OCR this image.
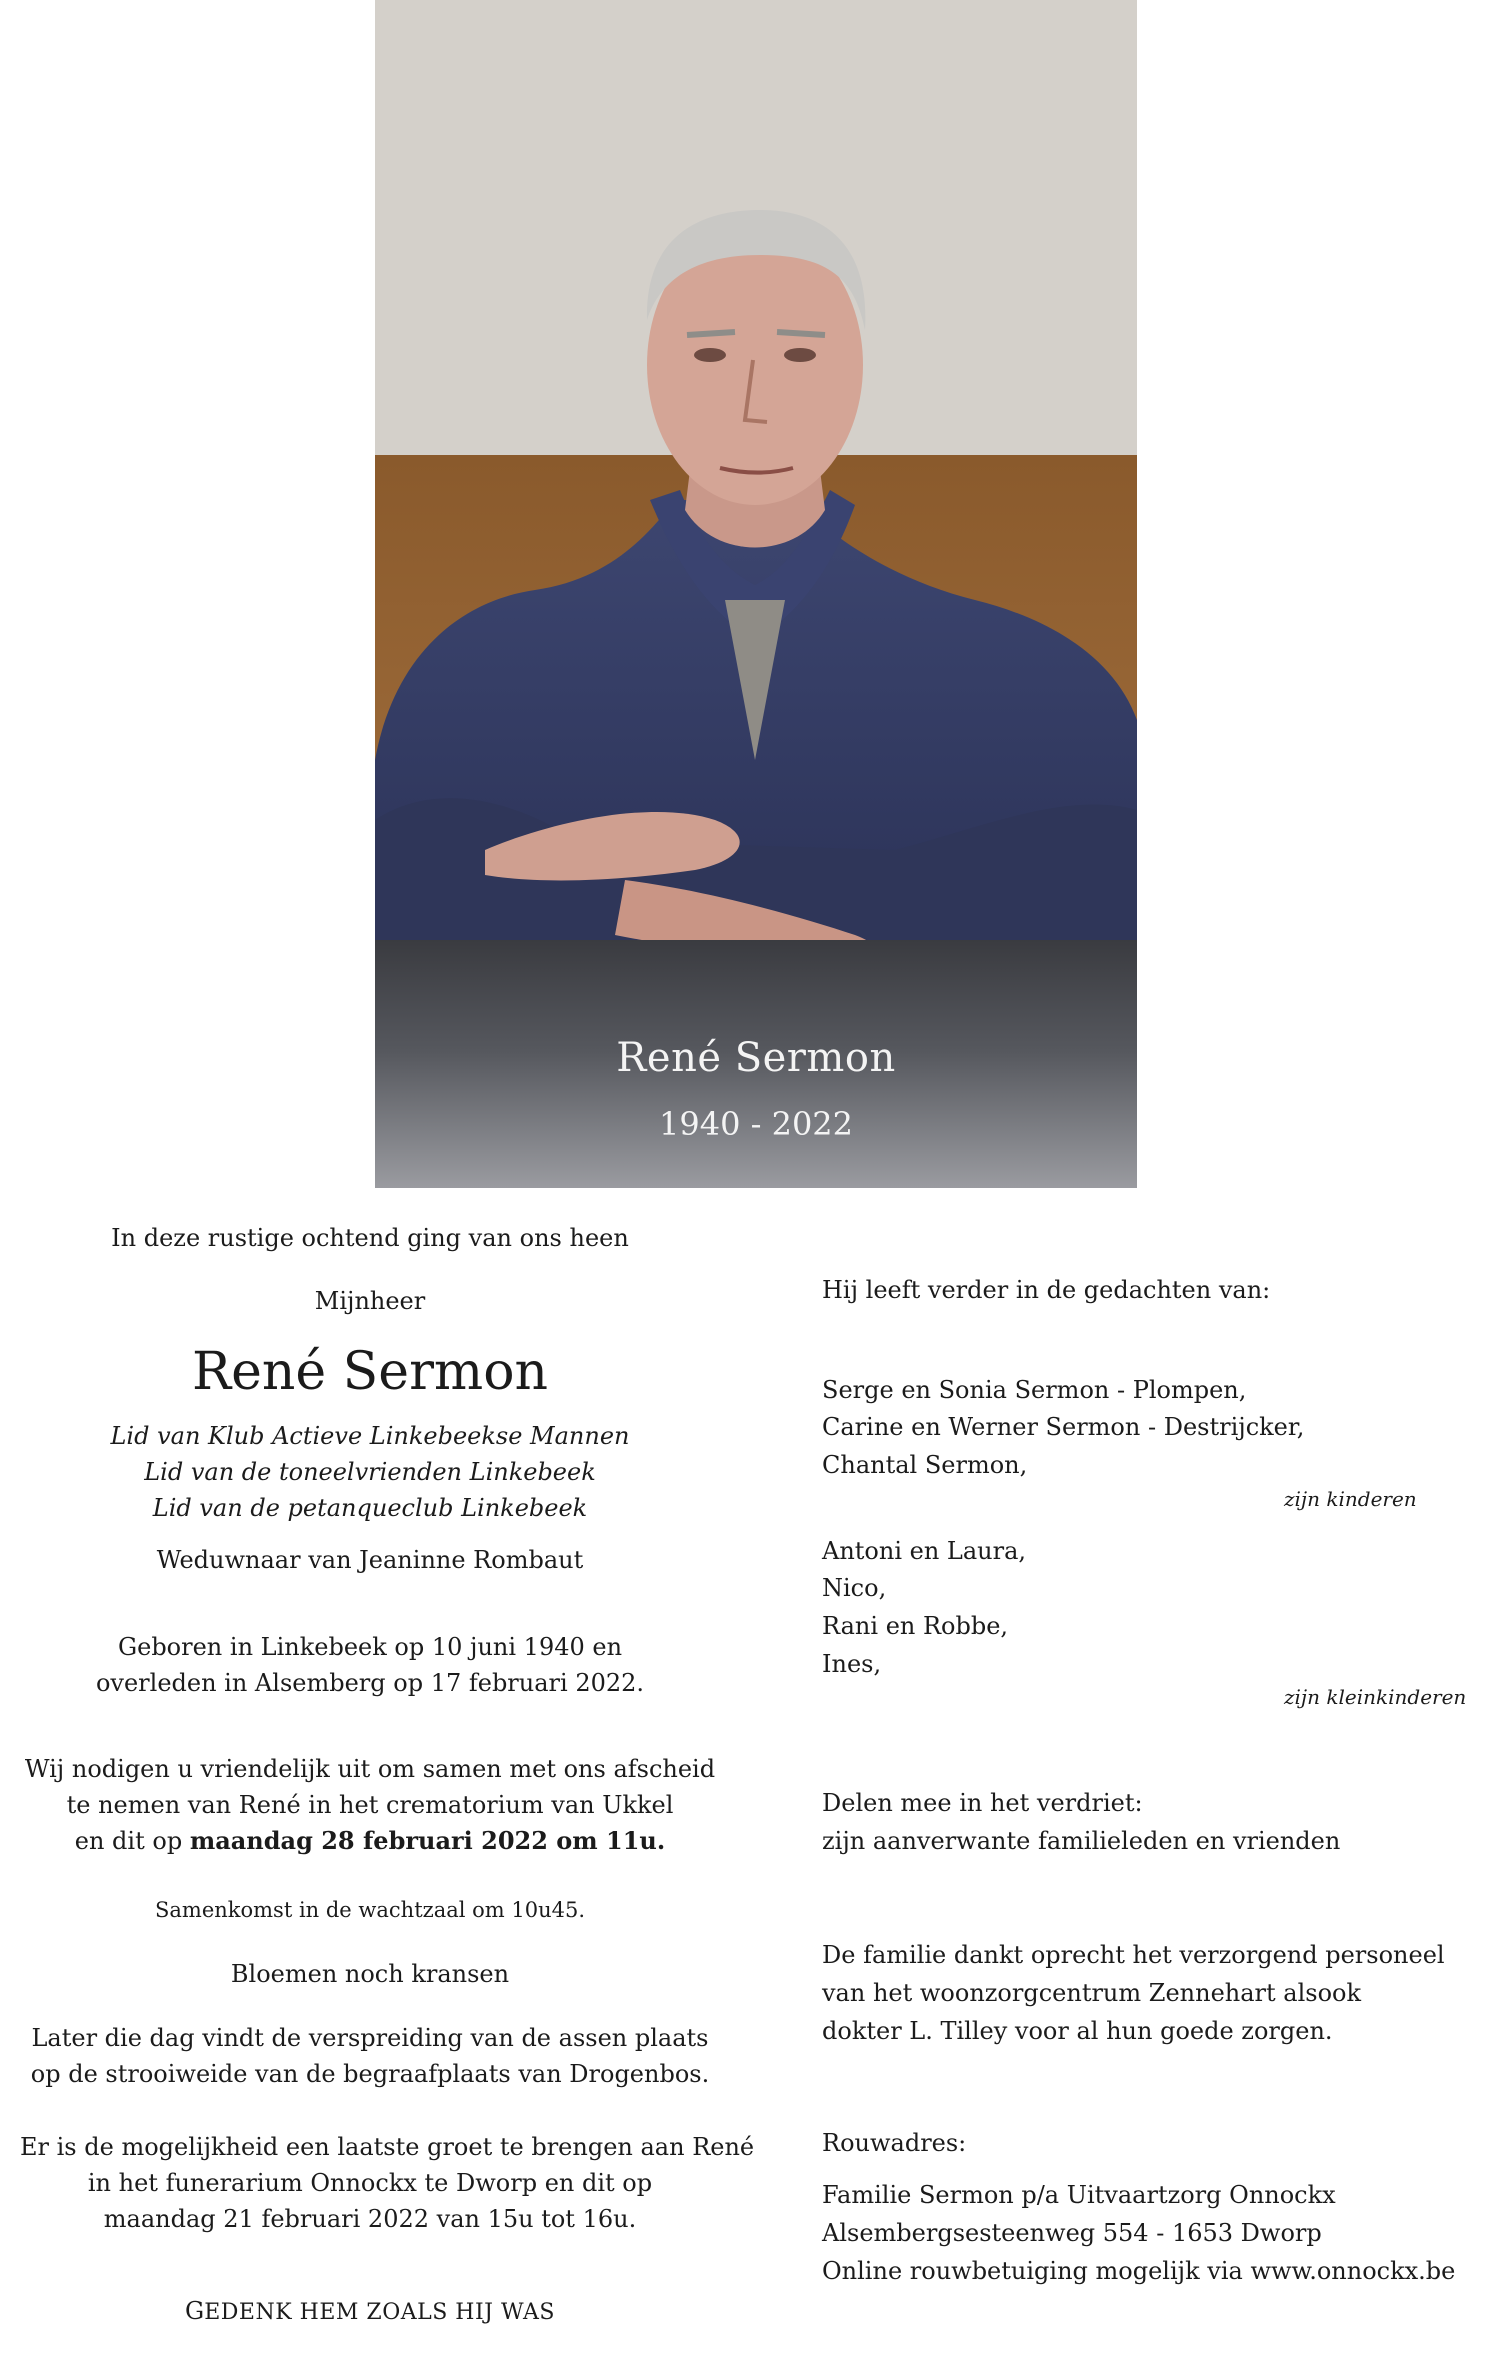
René Sermon
1940 - 2022
In deze rustige ochtend ging van ons heen
Mijnheer
René Sermon
Lid van Klub Actieve Linkebeekse Mannen
Lid van de toneelvrienden Linkebeek
Lid van de petanqueclub Linkebeek
Weduwnaar van Jeaninne Rombaut
Geboren in Linkebeek op 10 juni 1940 en
overleden in Alsemberg op 17 februari 2022.
Wij nodigen u vriendelijk uit om samen met ons afscheid
te nemen van René in het crematorium van Ukkel
en dit op maandag 28 februari 2022 om 11u.
Samenkomst in de wachtzaal om 10u45.
Bloemen noch kransen
Later die dag vindt de verspreiding van de assen plaats
op de strooiweide van de begraafplaats van Drogenbos.
Er is de mogelijkheid een laatste groet te brengen aan René
in het funerarium Onnockx te Dworp en dit op
maandag 21 februari 2022 van 15u tot 16u.
GEDENK HEM ZOALS HIJ WAS
Hij leeft verder in de gedachten van:
Serge en Sonia Sermon - Plompen,
Carine en Werner Sermon - Destrijcker,
Chantal Sermon,
zijn kinderen
Antoni en Laura,
Nico,
Rani en Robbe,
Ines,
zijn kleinkinderen
Delen mee in het verdriet:
zijn aanverwante familieleden en vrienden
De familie dankt oprecht het verzorgend personeel
van het woonzorgcentrum Zennehart alsook
dokter L. Tilley voor al hun goede zorgen.
Rouwadres:
Familie Sermon p/a Uitvaartzorg Onnockx
Alsembergsesteenweg 554 - 1653 Dworp
Online rouwbetuiging mogelijk via www.onnockx.be
